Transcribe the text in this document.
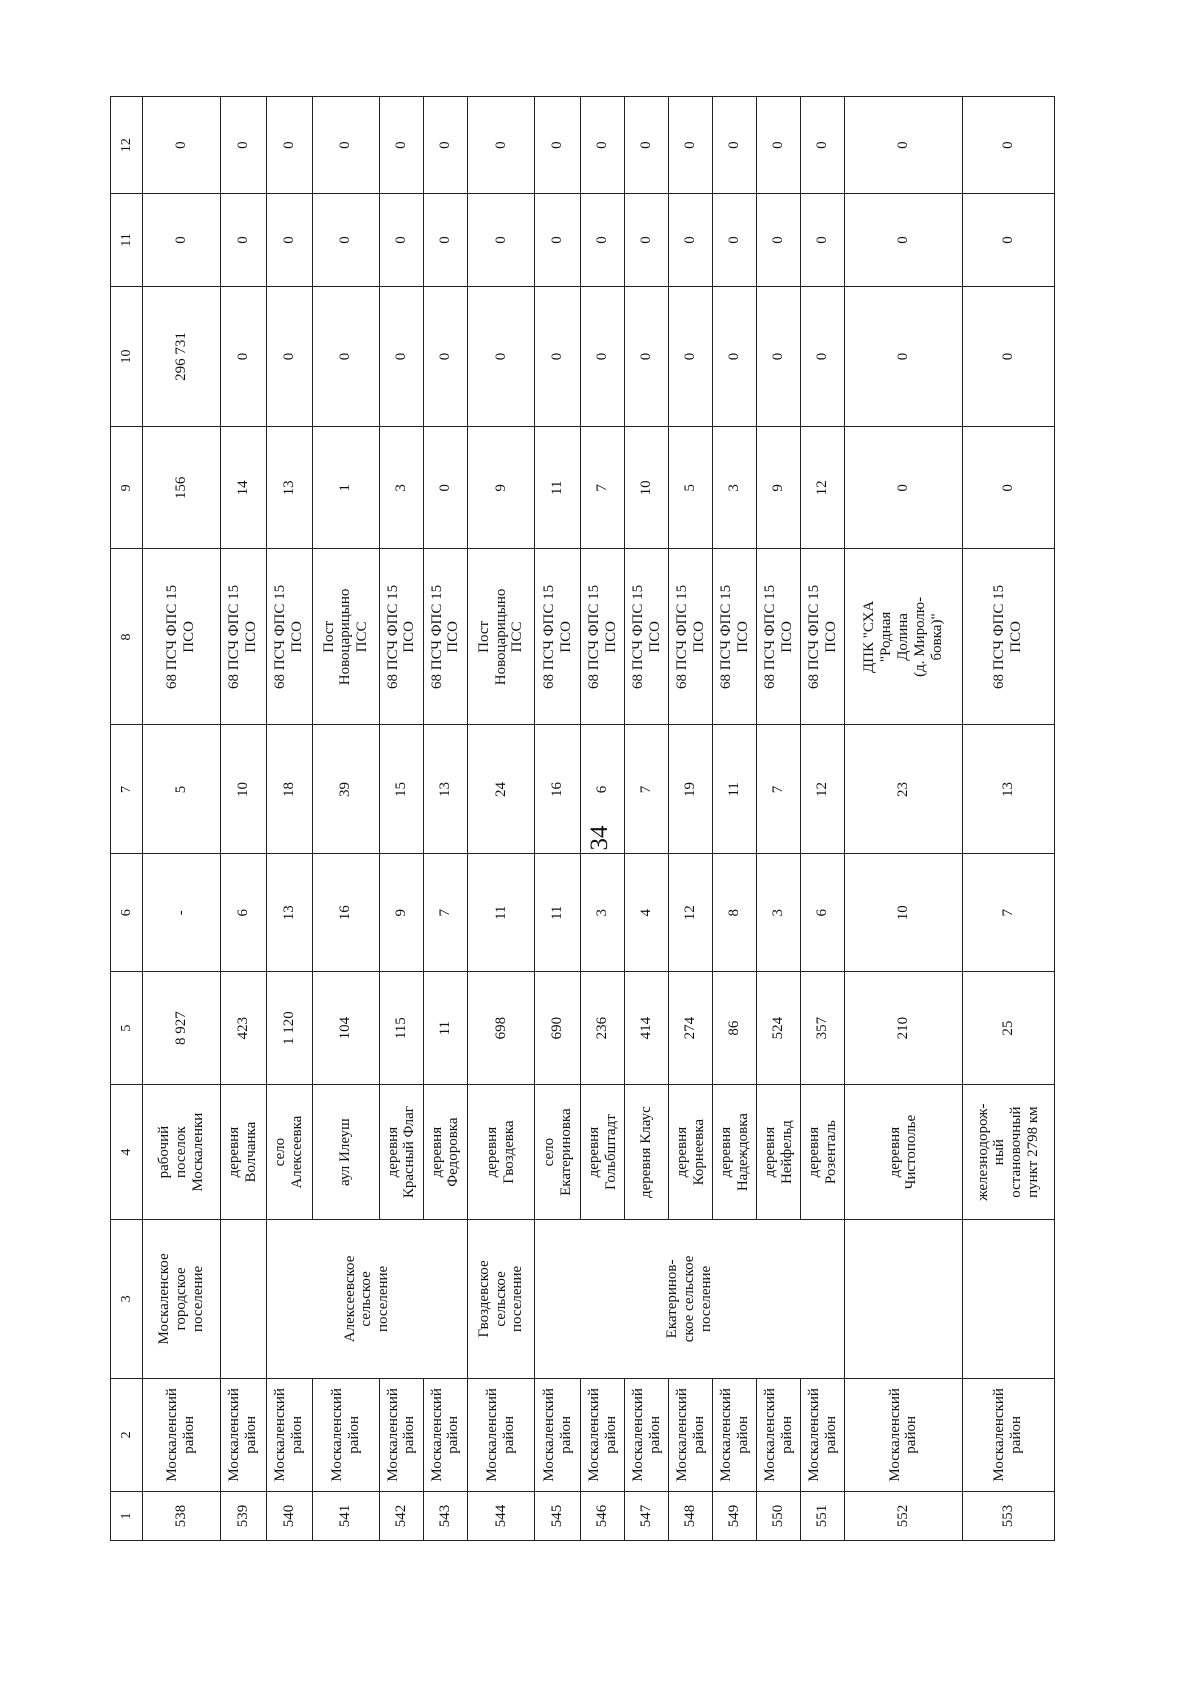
34
1	2	3	4	5	6	7	8	9	10	11	12
538	Москаленский
район	Москаленское
городское
поселение	рабочий
поселок
Москаленки	8 927	-	5	68 ПСЧ ФПС 15
ПСО	156	296 731	0	0
539	Москаленский
район		деревня
Волчанка	423	6	10	68 ПСЧ ФПС 15
ПСО	14	0	0	0
540	Москаленский
район	Алексеевское
сельское
поселение	село
Алексеевка	1 120	13	18	68 ПСЧ ФПС 15
ПСО	13	0	0	0
541	Москаленский
район		аул Илеуш	104	16	39	Пост
Новоцарицыно
ПСС	1	0	0	0
542	Москаленский
район		деревня
Красный Флаг	115	9	15	68 ПСЧ ФПС 15
ПСО	3	0	0	0
543	Москаленский
район		деревня
Федоровка	11	7	13	68 ПСЧ ФПС 15
ПСО	0	0	0	0
544	Москаленский
район	Гвоздевское
сельское
поселение	деревня
Гвоздевка	698	11	24	Пост
Новоцарицыно
ПСС	9	0	0	0
545	Москаленский
район	Екатеринов-
ское сельское
поселение	село
Екатериновка	690	11	16	68 ПСЧ ФПС 15
ПСО	11	0	0	0
546	Москаленский
район		деревня
Гольбштадт	236	3	6	68 ПСЧ ФПС 15
ПСО	7	0	0	0
547	Москаленский
район		деревня Клаус	414	4	7	68 ПСЧ ФПС 15
ПСО	10	0	0	0
548	Москаленский
район		деревня
Корнеевка	274	12	19	68 ПСЧ ФПС 15
ПСО	5	0	0	0
549	Москаленский
район		деревня
Надеждовка	86	8	11	68 ПСЧ ФПС 15
ПСО	3	0	0	0
550	Москаленский
район		деревня
Нейфельд	524	3	7	68 ПСЧ ФПС 15
ПСО	9	0	0	0
551	Москаленский
район		деревня
Розенталь	357	6	12	68 ПСЧ ФПС 15
ПСО	12	0	0	0
552	Москаленский
район		деревня
Чистополье	210	10	23	ДПК "СХА
"Родная
Долина
(д. Миролю-
бовка)"	0	0	0	0
553	Москаленский
район		железнодорож-
ный
остановочный
пункт 2798 км	25	7	13	68 ПСЧ ФПС 15
ПСО	0	0	0	0
